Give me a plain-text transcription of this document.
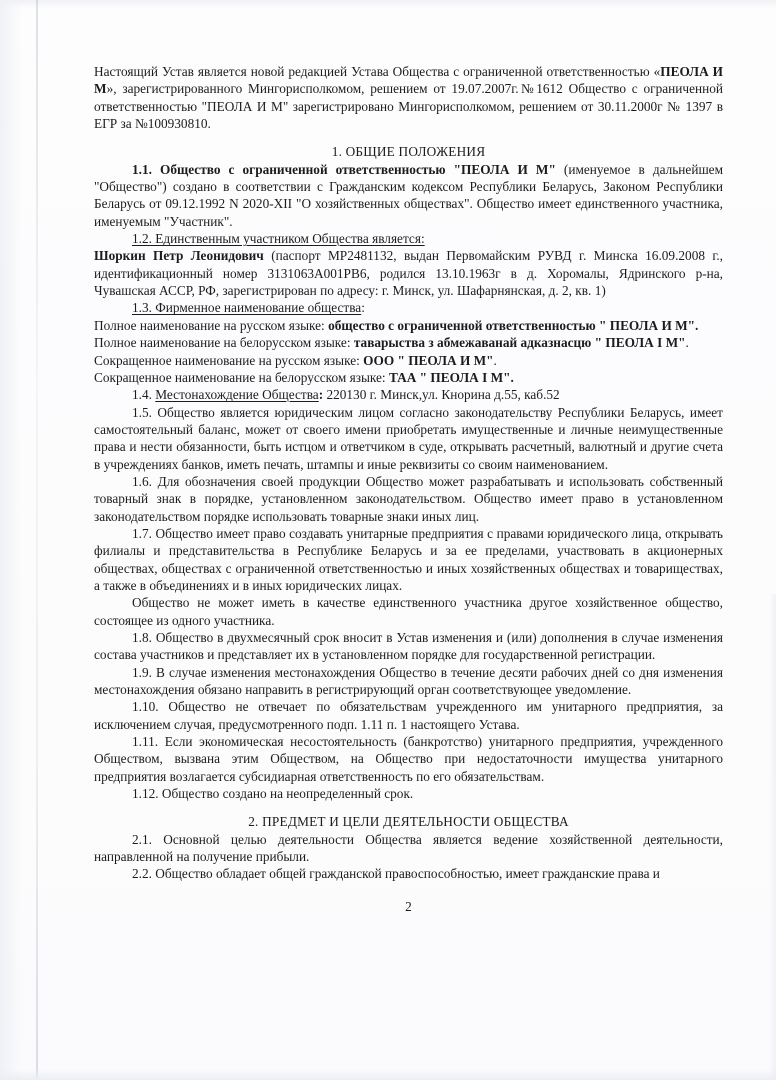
Настоящий Устав является новой редакцией Устава Общества с ограниченной ответственностью «ПЕОЛА И М», зарегистрированного Мингорисполкомом, решением от 19.07.2007г.№1612 Общество с ограниченной ответственностью "ПЕОЛА И М" зарегистрировано Мингорисполкомом, решением от 30.11.2000г № 1397 в ЕГР за №100930810.
1. ОБЩИЕ ПОЛОЖЕНИЯ
1.1. Общество с ограниченной ответственностью "ПЕОЛА И М" (именуемое в дальнейшем "Общество") создано в соответствии с Гражданским кодексом Республики Беларусь, Законом Республики Беларусь от 09.12.1992 N 2020-XII "О хозяйственных обществах". Общество имеет единственного участника, именуемым "Участник".
1.2. Единственным участником Общества является:
Шоркин Петр Леонидович (паспорт МР2481132, выдан Первомайским РУВД г. Минска 16.09.2008 г., идентификационный номер 3131063А001РВ6, родился 13.10.1963г в д. Хоромалы, Ядринского р-на, Чувашская АССР, РФ, зарегистрирован по адресу: г. Минск, ул. Шафарнянская, д. 2, кв. 1)
1.3. Фирменное наименование общества:
Полное наименование на русском языке: общество с ограниченной ответственностью " ПЕОЛА И М".
Полное наименование на белорусском языке: таварыства з абмежаванай адказнасцю " ПЕОЛА I М".
Сокращенное наименование на русском языке: ООО " ПЕОЛА И М".
Сокращенное наименование на белорусском языке: ТАА " ПЕОЛА I М".
1.4. Местонахождение Общества: 220130 г. Минск,ул. Кнорина д.55, каб.52
1.5. Общество является юридическим лицом согласно законодательству Республики Беларусь, имеет самостоятельный баланс, может от своего имени приобретать имущественные и личные неимущественные права и нести обязанности, быть истцом и ответчиком в суде, открывать расчетный, валютный и другие счета в учреждениях банков, иметь печать, штампы и иные реквизиты со своим наименованием.
1.6. Для обозначения своей продукции Общество может разрабатывать и использовать собственный товарный знак в порядке, установленном законодательством. Общество имеет право в установленном законодательством порядке использовать товарные знаки иных лиц.
1.7. Общество имеет право создавать унитарные предприятия с правами юридического лица, открывать филиалы и представительства в Республике Беларусь и за ее пределами, участвовать в акционерных обществах, обществах с ограниченной ответственностью и иных хозяйственных обществах и товариществах, а также в объединениях и в иных юридических лицах.
Общество не может иметь в качестве единственного участника другое хозяйственное общество, состоящее из одного участника.
1.8. Общество в двухмесячный срок вносит в Устав изменения и (или) дополнения в случае изменения состава участников и представляет их в установленном порядке для государственной регистрации.
1.9. В случае изменения местонахождения Общество в течение десяти рабочих дней со дня изменения местонахождения обязано направить в регистрирующий орган соответствующее уведомление.
1.10. Общество не отвечает по обязательствам учрежденного им унитарного предприятия, за исключением случая, предусмотренного подп. 1.11 п. 1 настоящего Устава.
1.11. Если экономическая несостоятельность (банкротство) унитарного предприятия, учрежденного Обществом, вызвана этим Обществом, на Общество при недостаточности имущества унитарного предприятия возлагается субсидиарная ответственность по его обязательствам.
1.12. Общество создано на неопределенный срок.
2. ПРЕДМЕТ И ЦЕЛИ ДЕЯТЕЛЬНОСТИ ОБЩЕСТВА
2.1. Основной целью деятельности Общества является ведение хозяйственной деятельности, направленной на получение прибыли.
2.2. Общество обладает общей гражданской правоспособностью, имеет гражданские права и
2
